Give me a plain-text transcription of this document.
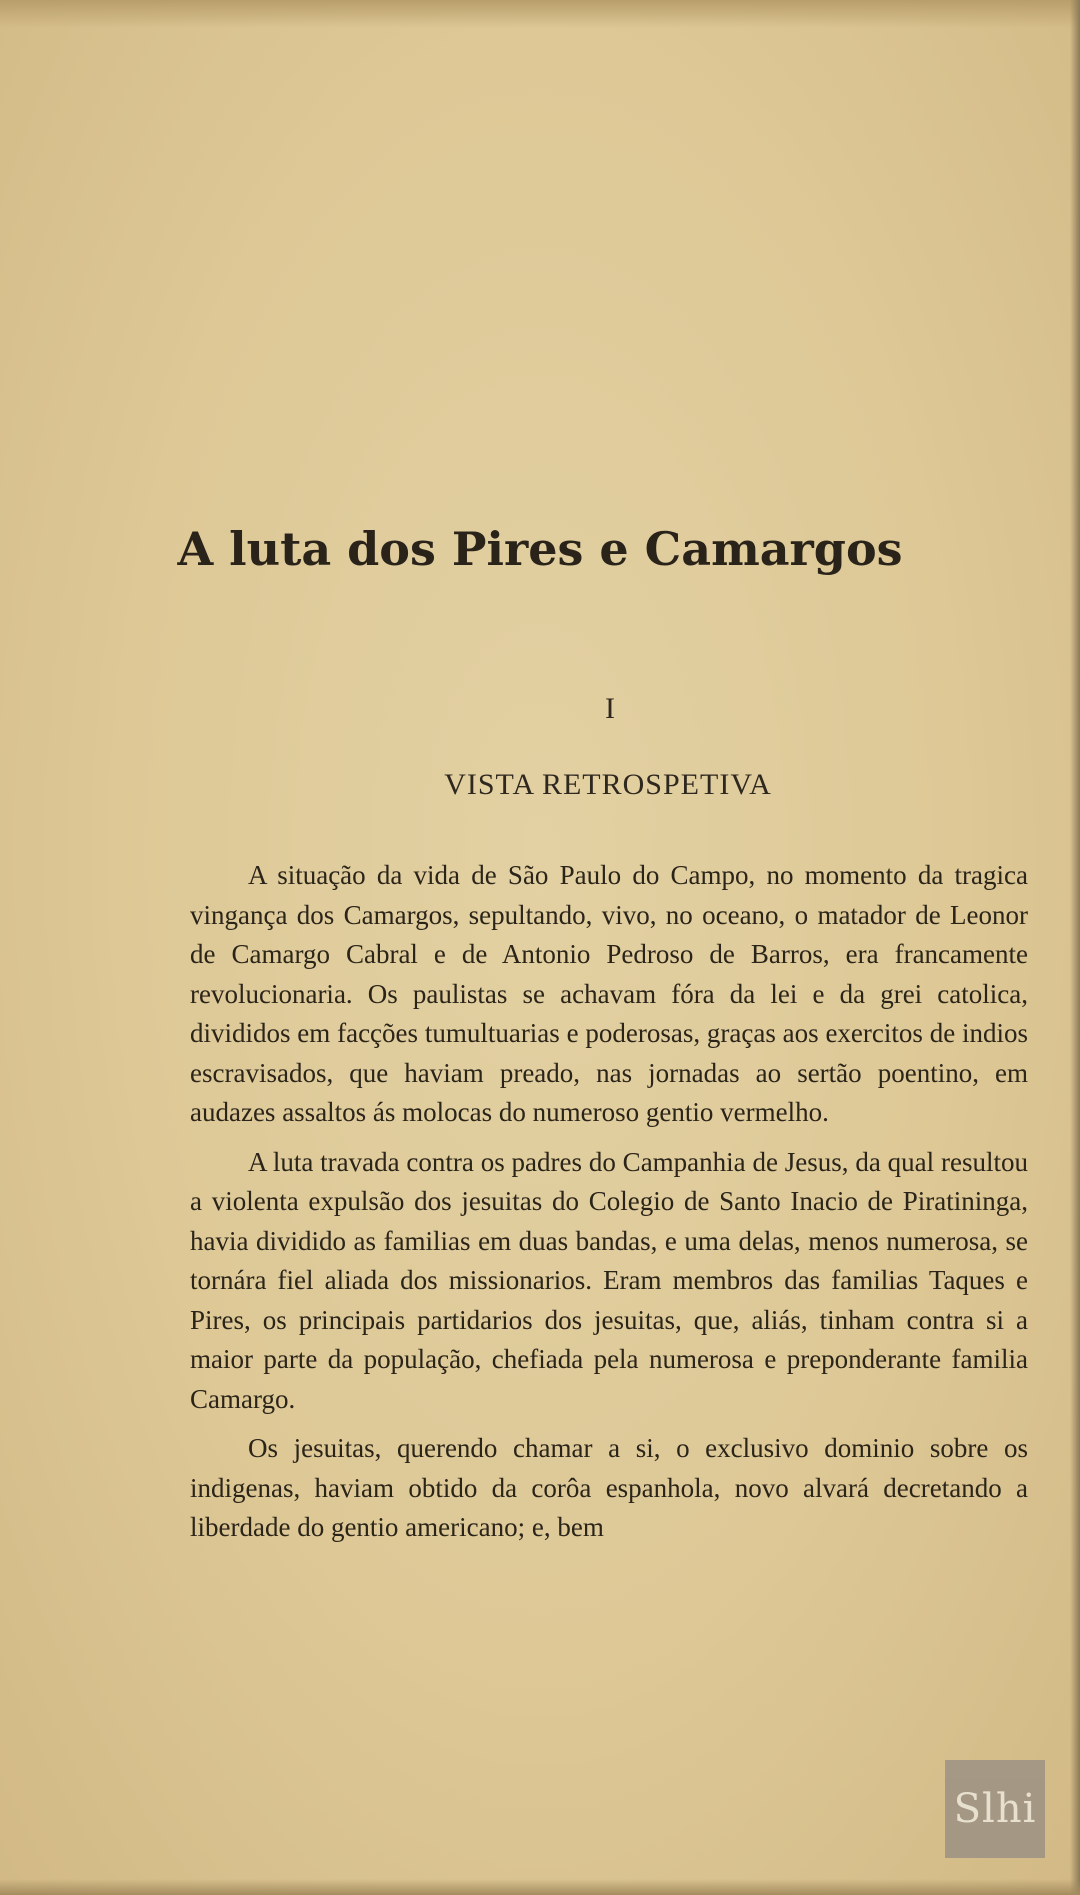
A luta dos Pires e Camargos
I
VISTA RETROSPETIVA

A situação da vida de São Paulo do Campo, no momento da tragica vingança dos Camargos, sepultando, vivo, no oceano, o matador de Leonor de Camargo Cabral e de Antonio Pedroso de Barros, era francamente revolucionaria. Os paulistas se achavam fóra da lei e da grei catolica, divididos em facções tumultuarias e poderosas, graças aos exercitos de indios escravisados, que haviam preado, nas jornadas ao sertão poentino, em audazes assaltos ás molocas do numeroso gentio vermelho.

A luta travada contra os padres do Campanhia de Jesus, da qual resultou a violenta expulsão dos jesuitas do Colegio de Santo Inacio de Piratininga, havia dividido as familias em duas bandas, e uma delas, menos numerosa, se tornára fiel aliada dos missionarios. Eram membros das familias Taques e Pires, os principais partidarios dos jesuitas, que, aliás, tinham contra si a maior parte da população, chefiada pela numerosa e preponderante familia Camargo.

Os jesuitas, querendo chamar a si, o exclusivo dominio sobre os indigenas, haviam obtido da corôa espanhola, novo alvará decretando a liberdade do gentio americano; e, bem

Slhi
